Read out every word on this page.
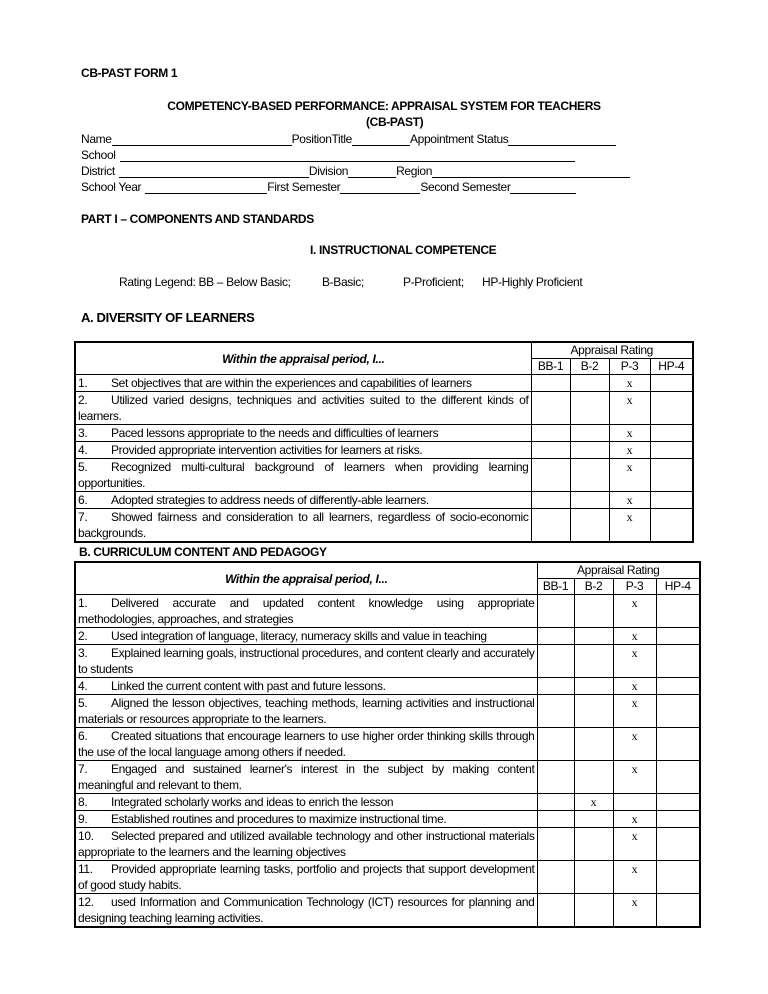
CB-PAST FORM 1
COMPETENCY-BASED PERFORMANCE: APPRAISAL SYSTEM FOR TEACHERS
(CB-PAST)
Name	PositionTitle	Appointment Status
School
District	Division	Region
School Year	First Semester	Second Semester
PART I – COMPONENTS AND STANDARDS
I. INSTRUCTIONAL COMPETENCE
Rating Legend: BB – Below Basic;	B-Basic;	P-Proficient; HP-Highly Proficient
A. DIVERSITY OF LEARNERS
Within the appraisal period, I...	Appraisal Rating			
	BB-1	B-2	P-3	HP-4
1. Set objectives that are within the experiences and capabilities of learners			x	
2. Utilized varied designs, techniques and activities suited to the different kinds of learners.			x	
3. Paced lessons appropriate to the needs and difficulties of learners			x	
4. Provided appropriate intervention activities for learners at risks.			x	
5. Recognized multi-cultural background of learners when providing learning opportunities.			x	
6. Adopted strategies to address needs of differently-able learners.			x	
7. Showed fairness and consideration to all learners, regardless of socio-economic backgrounds.			x	
B. CURRICULUM CONTENT AND PEDAGOGY
Within the appraisal period, I...	Appraisal Rating			
	BB-1	B-2	P-3	HP-4
1. Delivered accurate and updated content knowledge using appropriate methodologies, approaches, and strategies			x	
2. Used integration of language, literacy, numeracy skills and value in teaching			x	
3. Explained learning goals, instructional procedures, and content clearly and accurately to students			x	
4. Linked the current content with past and future lessons.			x	
5. Aligned the lesson objectives, teaching methods, learning activities and instructional materials or resources appropriate to the learners.			x	
6. Created situations that encourage learners to use higher order thinking skills through the use of the local language among others if needed.			x	
7. Engaged and sustained learner's interest in the subject by making content meaningful and relevant to them.			x	
8. Integrated scholarly works and ideas to enrich the lesson		x		
9. Established routines and procedures to maximize instructional time.			x	
10. Selected prepared and utilized available technology and other instructional materials appropriate to the learners and the learning objectives			x	
11. Provided appropriate learning tasks, portfolio and projects that support development of good study habits.			x	
12. used Information and Communication Technology (ICT) resources for planning and designing teaching learning activities.			x	
